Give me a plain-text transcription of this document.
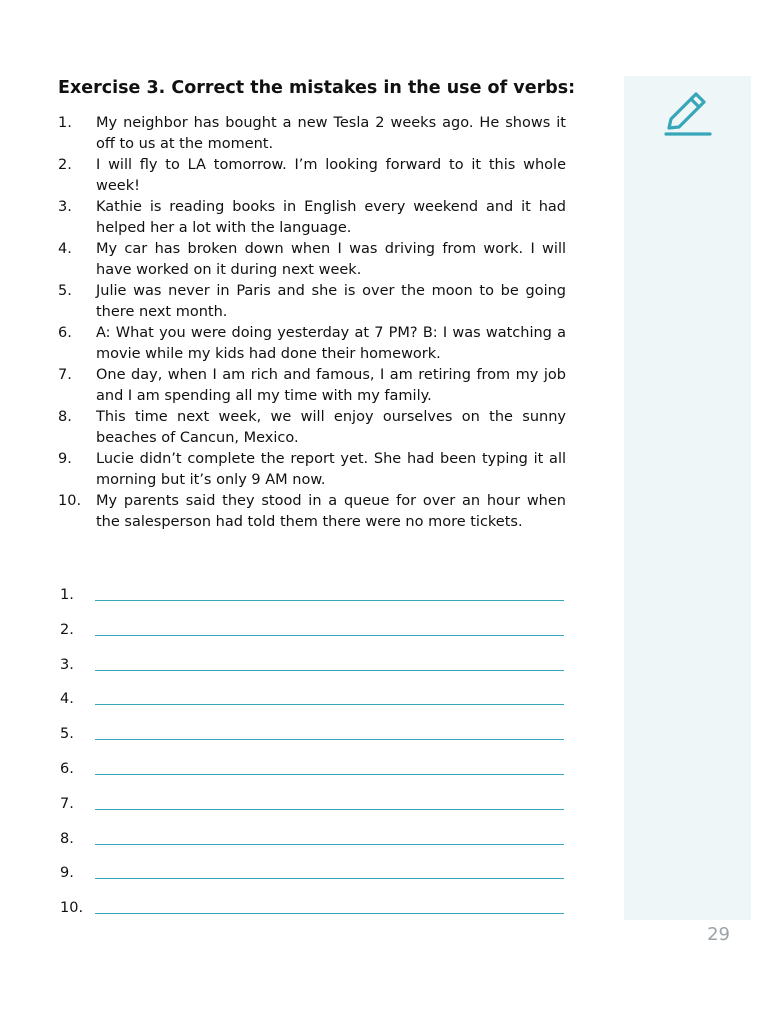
Exercise 3. Correct the mistakes in the use of verbs:
1. My neighbor has bought a new Tesla 2 weeks ago. He shows it off to us at the moment.
2. I will fly to LA tomorrow. I’m looking forward to it this whole week!
3. Kathie is reading books in English every weekend and it had helped her a lot with the language.
4. My car has broken down when I was driving from work. I will have worked on it during next week.
5. Julie was never in Paris and she is over the moon to be going there next month.
6. A: What you were doing yesterday at 7 PM? B: I was watching a movie while my kids had done their homework.
7. One day, when I am rich and famous, I am retiring from my job and I am spending all my time with my family.
8. This time next week, we will enjoy ourselves on the sunny beaches of Cancun, Mexico.
9. Lucie didn’t complete the report yet. She had been typing it all morning but it’s only 9 AM now.
10. My parents said they stood in a queue for over an hour when the salesperson had told them there were no more tickets.
1.
2.
3.
4.
5.
6.
7.
8.
9.
10.
29
